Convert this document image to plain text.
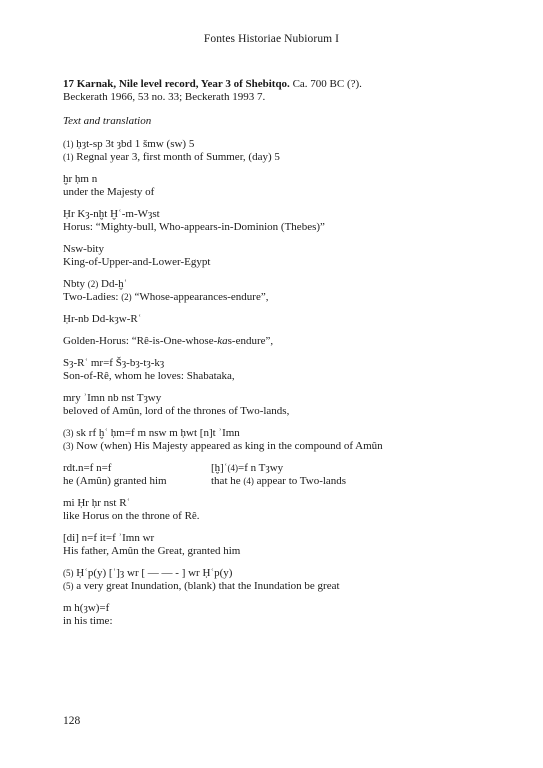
Fontes Historiae Nubiorum I
17 Karnak, Nile level record, Year 3 of Shebitqo. Ca. 700 BC (?).
Beckerath 1966, 53 no. 33; Beckerath 1993 7.
Text and translation
(1) ḥȝt-sp 3t ȝbd 1 šmw (sw) 5
(1) Regnal year 3, first month of Summer, (day) 5
ḫr ḥm n
under the Majesty of
Ḥr Kȝ-nḫt Ḫʿ-m-Wȝst
Horus: “Mighty-bull, Who-appears-in-Dominion (Thebes)”
Nsw-bity
King-of-Upper-and-Lower-Egypt
Nbty (2) Dd-ḫʿ
Two-Ladies: (2) “Whose-appearances-endure”,
Ḥr-nb Dd-kȝw-Rʿ
Golden-Horus: “Rê-is-One-whose-kas-endure”,
Sȝ-Rʿ mr=f Šȝ-bȝ-tȝ-kȝ
Son-of-Rê, whom he loves: Shabataka,
mry ʾImn nb nst Tȝwy
beloved of Amûn, lord of the thrones of Two-lands,
(3) sk rf ḫʿ ḥm=f m nsw m ḥwt [n]t ʾImn
(3) Now (when) His Majesty appeared as king in the compound of Amûn
rdt.n=f n=f	[ḫ]ʿ(4)=f n Tȝwy
he (Amûn) granted him	that he (4) appear to Two-lands
mi Ḥr ḥr nst Rʿ
like Horus on the throne of Rê.
[di] n=f it=f ʾImn wr
His father, Amûn the Great, granted him
(5) Ḥʿp(y) [ʿ]ȝ wr [ — — - ] wr Ḥʿp(y)
(5) a very great Inundation, (blank) that the Inundation be great
m h(ȝw)=f
in his time:
128
